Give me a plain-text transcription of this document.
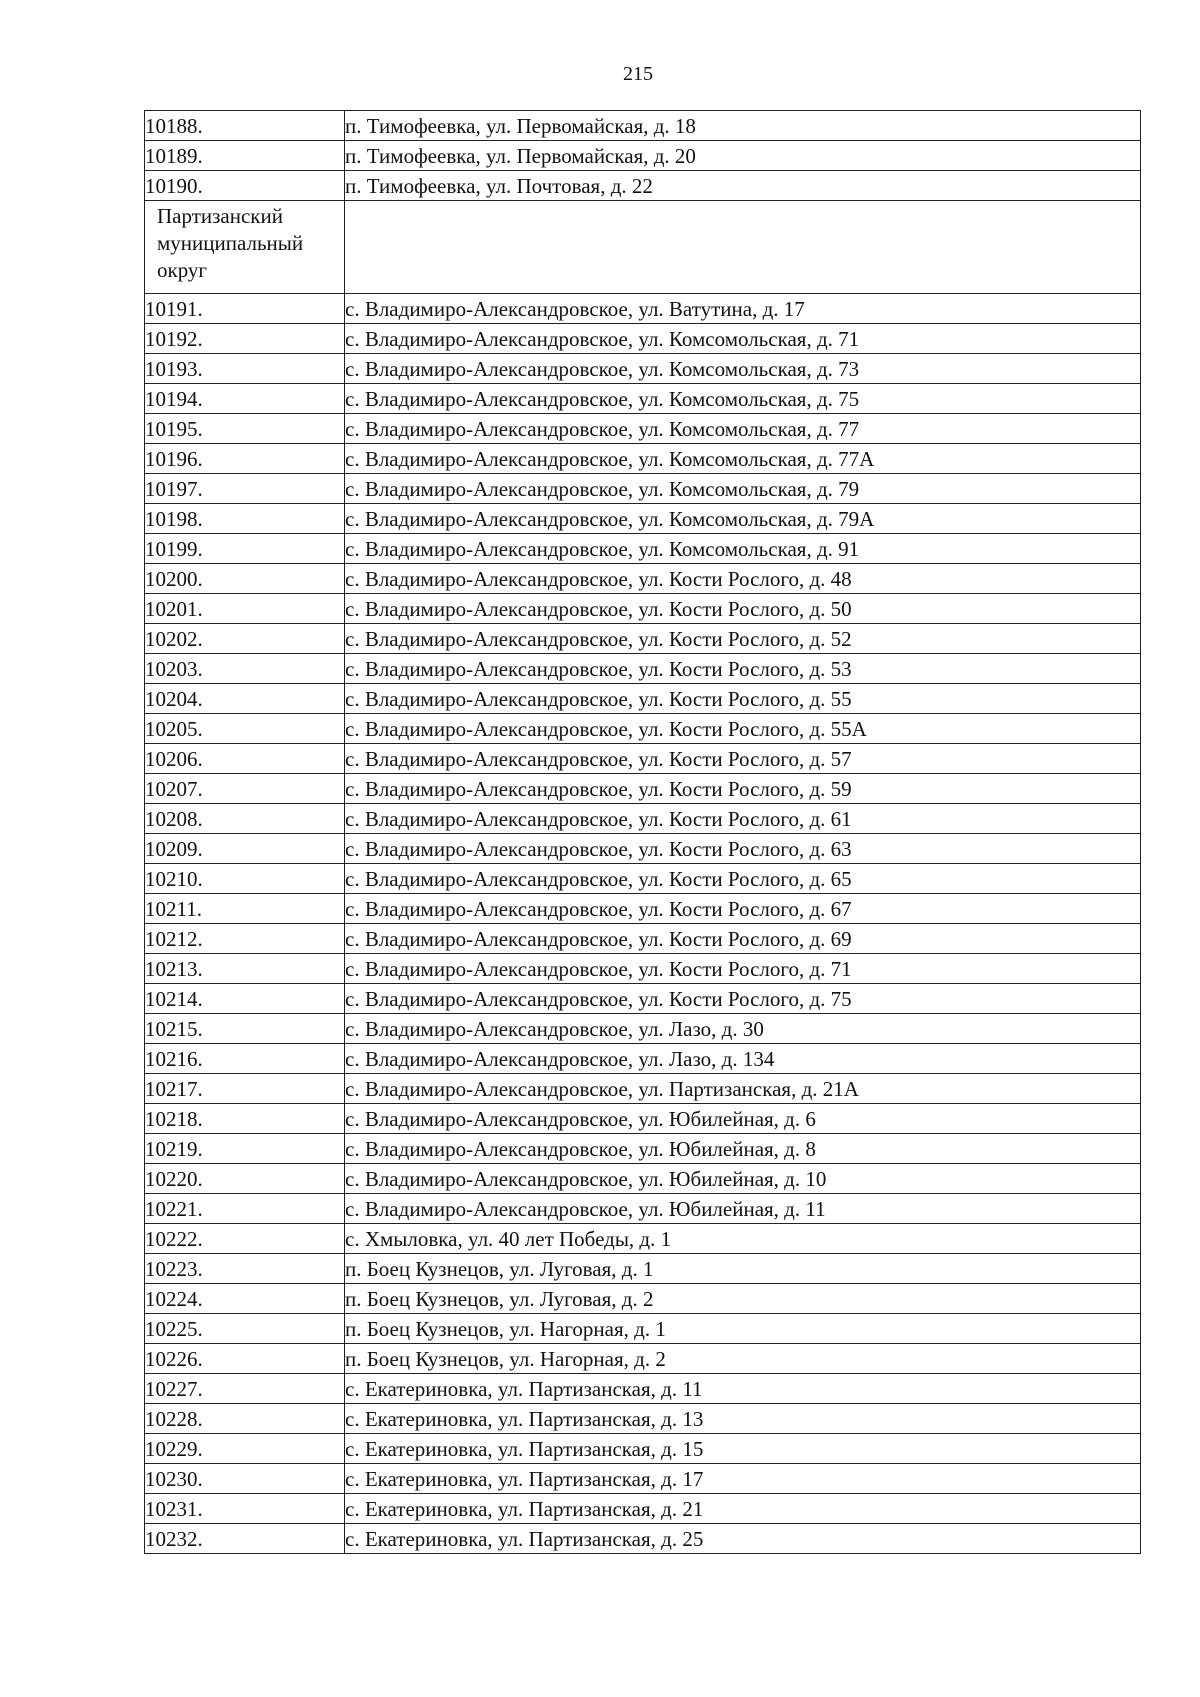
215
10188.	п. Тимофеевка, ул. Первомайская, д. 18
10189.	п. Тимофеевка, ул. Первомайская, д. 20
10190.	п. Тимофеевка, ул. Почтовая, д. 22

Партизанский
муниципальный
округ	

10191.	с. Владимиро-Александровское, ул. Ватутина, д. 17
10192.	с. Владимиро-Александровское, ул. Комсомольская, д. 71
10193.	с. Владимиро-Александровское, ул. Комсомольская, д. 73
10194.	с. Владимиро-Александровское, ул. Комсомольская, д. 75
10195.	с. Владимиро-Александровское, ул. Комсомольская, д. 77
10196.	с. Владимиро-Александровское, ул. Комсомольская, д. 77А
10197.	с. Владимиро-Александровское, ул. Комсомольская, д. 79
10198.	с. Владимиро-Александровское, ул. Комсомольская, д. 79А
10199.	с. Владимиро-Александровское, ул. Комсомольская, д. 91
10200.	с. Владимиро-Александровское, ул. Кости Рослого, д. 48
10201.	с. Владимиро-Александровское, ул. Кости Рослого, д. 50
10202.	с. Владимиро-Александровское, ул. Кости Рослого, д. 52
10203.	с. Владимиро-Александровское, ул. Кости Рослого, д. 53
10204.	с. Владимиро-Александровское, ул. Кости Рослого, д. 55
10205.	с. Владимиро-Александровское, ул. Кости Рослого, д. 55А
10206.	с. Владимиро-Александровское, ул. Кости Рослого, д. 57
10207.	с. Владимиро-Александровское, ул. Кости Рослого, д. 59
10208.	с. Владимиро-Александровское, ул. Кости Рослого, д. 61
10209.	с. Владимиро-Александровское, ул. Кости Рослого, д. 63
10210.	с. Владимиро-Александровское, ул. Кости Рослого, д. 65
10211.	с. Владимиро-Александровское, ул. Кости Рослого, д. 67
10212.	с. Владимиро-Александровское, ул. Кости Рослого, д. 69
10213.	с. Владимиро-Александровское, ул. Кости Рослого, д. 71
10214.	с. Владимиро-Александровское, ул. Кости Рослого, д. 75
10215.	с. Владимиро-Александровское, ул. Лазо, д. 30
10216.	с. Владимиро-Александровское, ул. Лазо, д. 134
10217.	с. Владимиро-Александровское, ул. Партизанская, д. 21А
10218.	с. Владимиро-Александровское, ул. Юбилейная, д. 6
10219.	с. Владимиро-Александровское, ул. Юбилейная, д. 8
10220.	с. Владимиро-Александровское, ул. Юбилейная, д. 10
10221.	с. Владимиро-Александровское, ул. Юбилейная, д. 11
10222.	с. Хмыловка, ул. 40 лет Победы, д. 1
10223.	п. Боец Кузнецов, ул. Луговая, д. 1
10224.	п. Боец Кузнецов, ул. Луговая, д. 2
10225.	п. Боец Кузнецов, ул. Нагорная, д. 1
10226.	п. Боец Кузнецов, ул. Нагорная, д. 2
10227.	с. Екатериновка, ул. Партизанская, д. 11
10228.	с. Екатериновка, ул. Партизанская, д. 13
10229.	с. Екатериновка, ул. Партизанская, д. 15
10230.	с. Екатериновка, ул. Партизанская, д. 17
10231.	с. Екатериновка, ул. Партизанская, д. 21
10232.	с. Екатериновка, ул. Партизанская, д. 25
